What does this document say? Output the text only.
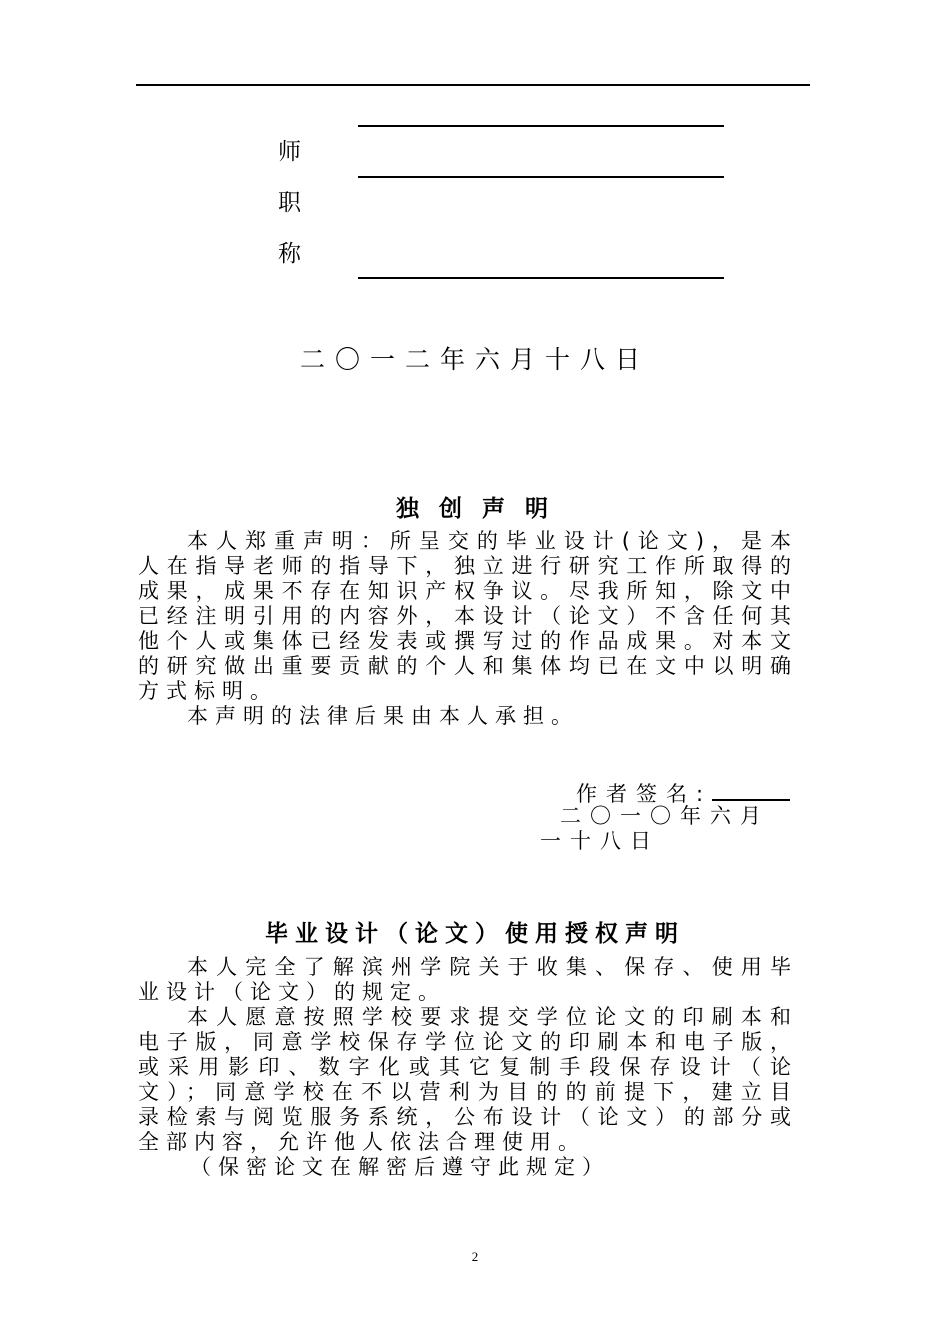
师
职
称
二〇一二年六月十八日
独 创 声 明

本人郑重声明：所呈交的毕业设计(论文)，是本人在指导老师的指导下，独立进行研究工作所取得的成果，成果不存在知识产权争议。尽我所知，除文中已经注明引用的内容外，本设计（论文）不含任何其他个人或集体已经发表或撰写过的作品成果。对本文的研究做出重要贡献的个人和集体均已在文中以明确方式标明。

本声明的法律后果由本人承担。

作者签名:
二〇一〇年六月
一十八日
毕业设计（论文）使用授权声明

本人完全了解滨州学院关于收集、保存、使用毕业设计（论文）的规定。

本人愿意按照学校要求提交学位论文的印刷本和电子版，同意学校保存学位论文的印刷本和电子版，或采用影印、数字化或其它复制手段保存设计（论文）；同意学校在不以营利为目的的前提下，建立目录检索与阅览服务系统，公布设计（论文）的部分或全部内容，允许他人依法合理使用。

（保密论文在解密后遵守此规定）

2
